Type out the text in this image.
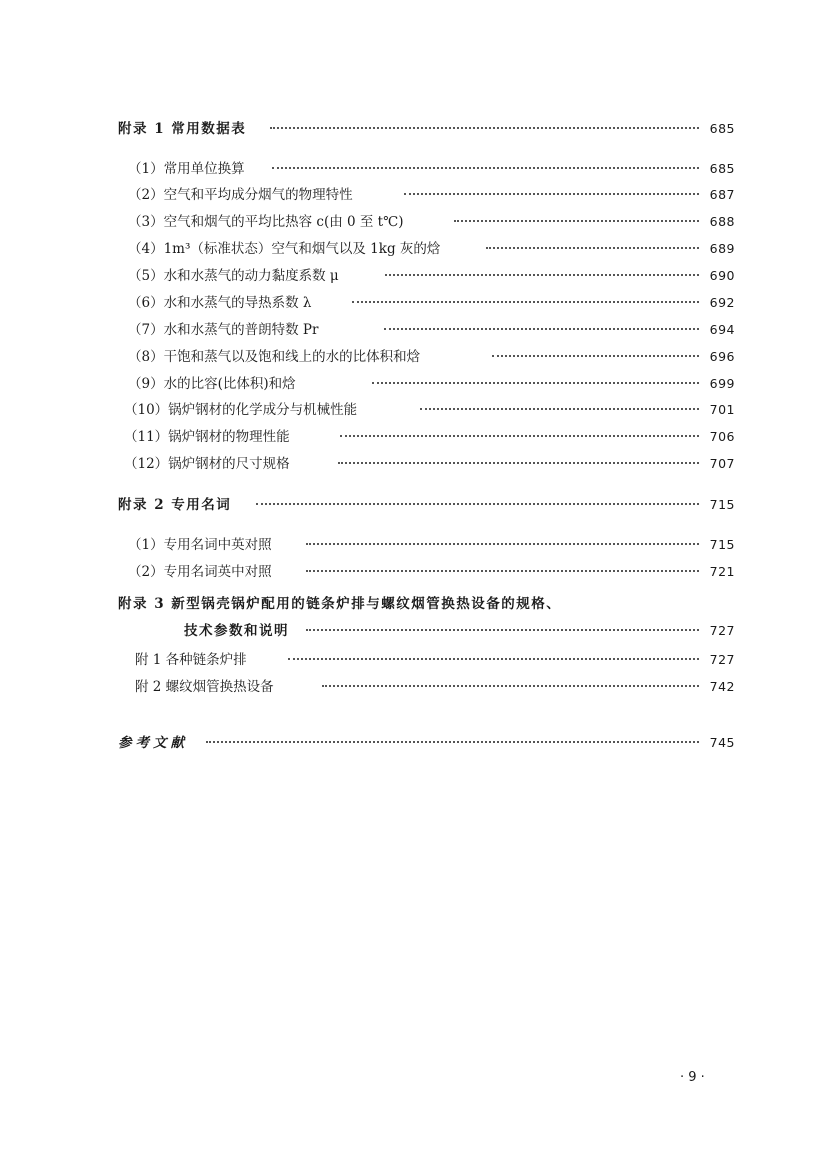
附录 1 常用数据表	685
（1）常用单位换算	685
（2）空气和平均成分烟气的物理特性	687
（3）空气和烟气的平均比热容 c(由 0 至 t℃)	688
（4）1m³（标准状态）空气和烟气以及 1kg 灰的焓	689
（5）水和水蒸气的动力黏度系数 μ	690
（6）水和水蒸气的导热系数 λ	692
（7）水和水蒸气的普朗特数 Pr	694
（8）干饱和蒸气以及饱和线上的水的比体积和焓	696
（9）水的比容(比体积)和焓	699
（10）锅炉钢材的化学成分与机械性能	701
（11）锅炉钢材的物理性能	706
（12）锅炉钢材的尺寸规格	707
附录 2 专用名词	715
（1）专用名词中英对照	715
（2）专用名词英中对照	721
附录 3 新型锅壳锅炉配用的链条炉排与螺纹烟管换热设备的规格、
技术参数和说明	727
附 1 各种链条炉排	727
附 2 螺纹烟管换热设备	742
参考文献	745
· 9 ·
